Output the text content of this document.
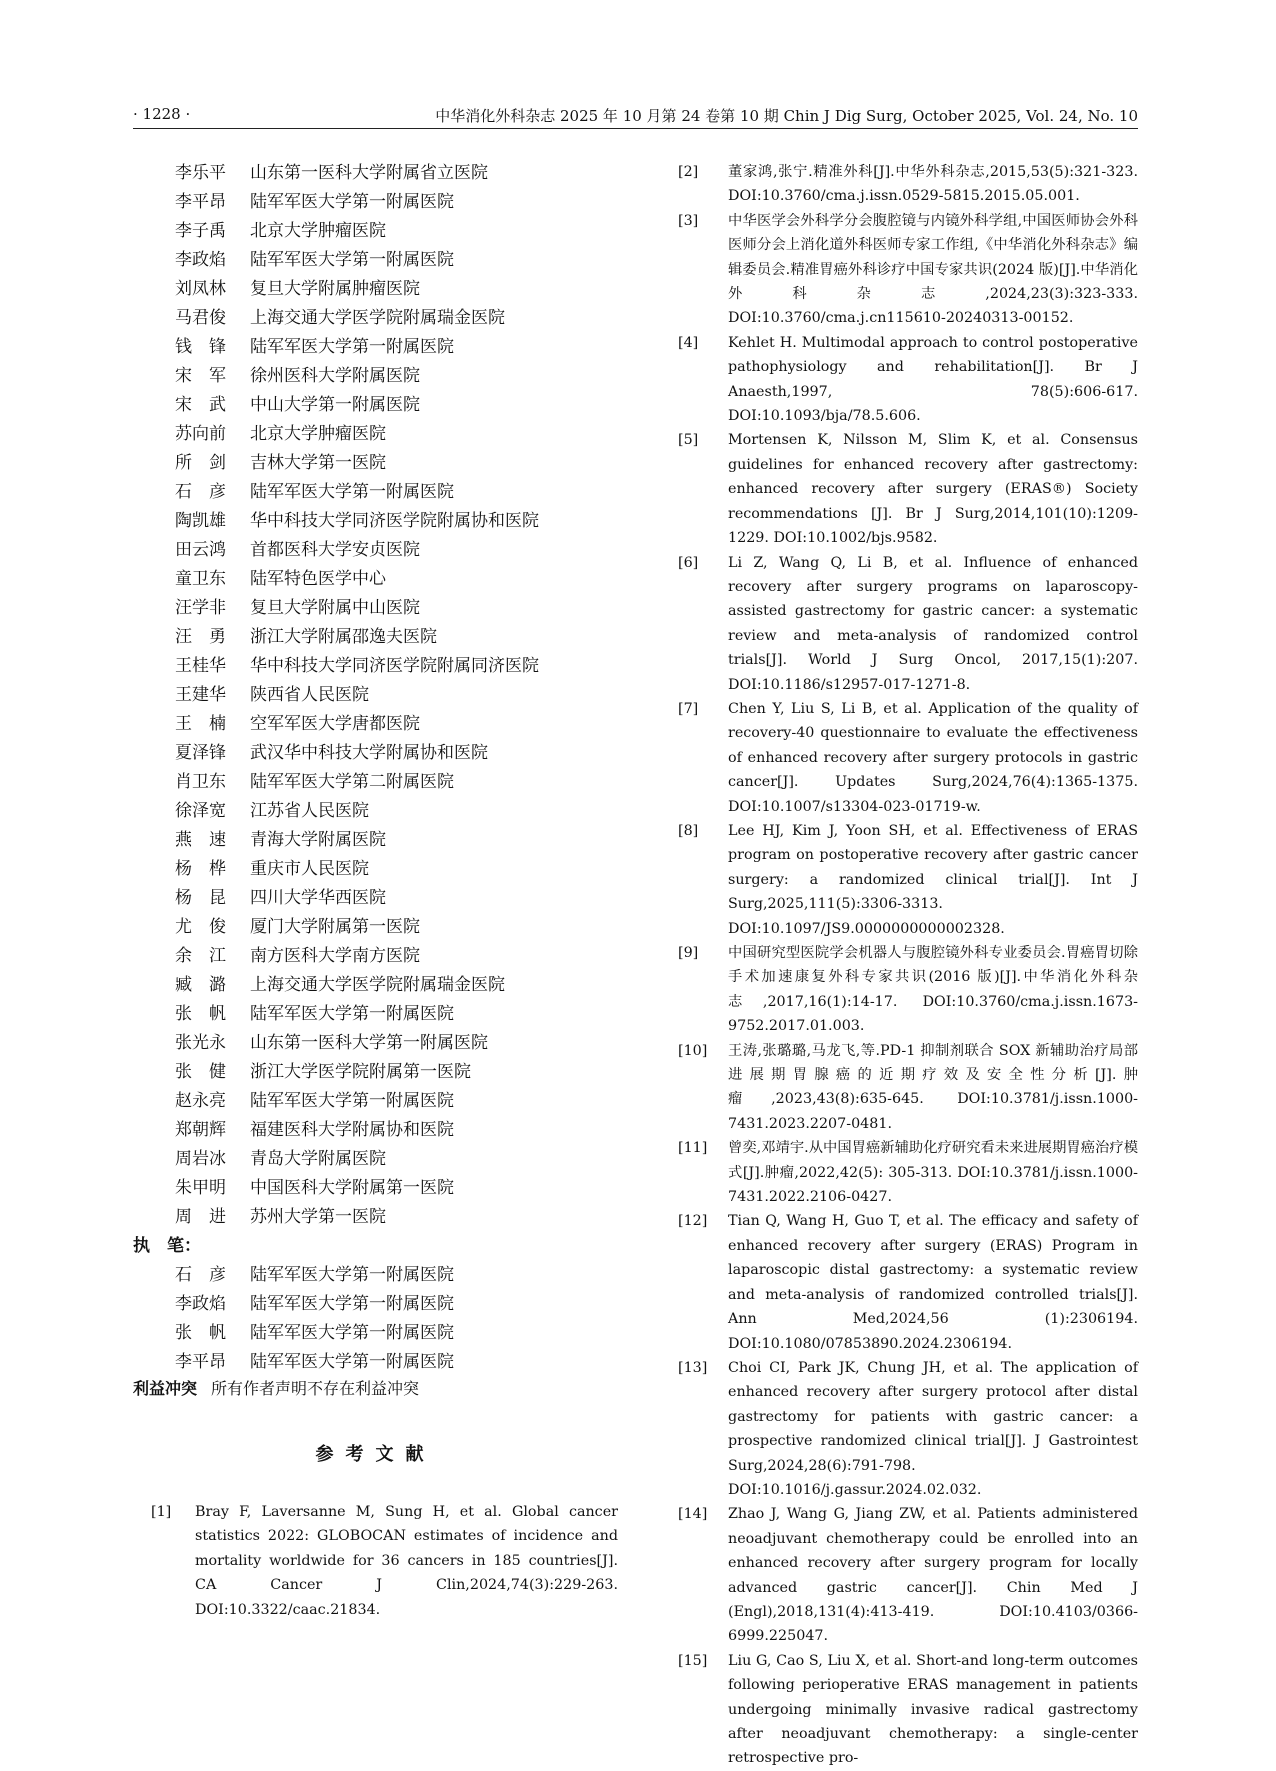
· 1228 ·	中华消化外科杂志 2025 年 10 月第 24 卷第 10 期 Chin J Dig Surg, October 2025, Vol. 24, No. 10
李乐平	山东第一医科大学附属省立医院
李平昂	陆军军医大学第一附属医院
李子禹	北京大学肿瘤医院
李政焰	陆军军医大学第一附属医院
刘凤林	复旦大学附属肿瘤医院
马君俊	上海交通大学医学院附属瑞金医院
钱　锋	陆军军医大学第一附属医院
宋　军	徐州医科大学附属医院
宋　武	中山大学第一附属医院
苏向前	北京大学肿瘤医院
所　剑	吉林大学第一医院
石　彦	陆军军医大学第一附属医院
陶凯雄	华中科技大学同济医学院附属协和医院
田云鸿	首都医科大学安贞医院
童卫东	陆军特色医学中心
汪学非	复旦大学附属中山医院
汪　勇	浙江大学附属邵逸夫医院
王桂华	华中科技大学同济医学院附属同济医院
王建华	陕西省人民医院
王　楠	空军军医大学唐都医院
夏泽锋	武汉华中科技大学附属协和医院
肖卫东	陆军军医大学第二附属医院
徐泽宽	江苏省人民医院
燕　速	青海大学附属医院
杨　桦	重庆市人民医院
杨　昆	四川大学华西医院
尤　俊	厦门大学附属第一医院
余　江	南方医科大学南方医院
臧　潞	上海交通大学医学院附属瑞金医院
张　帆	陆军军医大学第一附属医院
张光永	山东第一医科大学第一附属医院
张　健	浙江大学医学院附属第一医院
赵永亮	陆军军医大学第一附属医院
郑朝辉	福建医科大学附属协和医院
周岩冰	青岛大学附属医院
朱甲明	中国医科大学附属第一医院
周　进	苏州大学第一医院
执　笔：
石　彦	陆军军医大学第一附属医院
李政焰	陆军军医大学第一附属医院
张　帆	陆军军医大学第一附属医院
李平昂	陆军军医大学第一附属医院
利益冲突 所有作者声明不存在利益冲突
参考文献
[1] Bray F, Laversanne M, Sung H, et al. Global cancer statistics 2022: GLOBOCAN estimates of incidence and mortality worldwide for 36 cancers in 185 countries[J]. CA Cancer J Clin,2024,74(3):229-263. DOI:10.3322/caac.21834.
[2] 董家鸿,张宁.精准外科[J].中华外科杂志,2015,53(5):321-323. DOI:10.3760/cma.j.issn.0529-5815.2015.05.001.
[3] 中华医学会外科学分会腹腔镜与内镜外科学组,中国医师协会外科医师分会上消化道外科医师专家工作组,《中华消化外科杂志》编辑委员会.精准胃癌外科诊疗中国专家共识(2024 版)[J].中华消化外科杂志,2024,23(3):323-333. DOI:10.3760/cma.j.cn115610-20240313-00152.
[4] Kehlet H. Multimodal approach to control postoperative pathophysiology and rehabilitation[J]. Br J Anaesth,1997, 78(5):606-617. DOI:10.1093/bja/78.5.606.
[5] Mortensen K, Nilsson M, Slim K, et al. Consensus guidelines for enhanced recovery after gastrectomy: enhanced recovery after surgery (ERAS®) Society recommendations [J]. Br J Surg,2014,101(10):1209-1229. DOI:10.1002/bjs.9582.
[6] Li Z, Wang Q, Li B, et al. Influence of enhanced recovery after surgery programs on laparoscopy-assisted gastrectomy for gastric cancer: a systematic review and meta-analysis of randomized control trials[J]. World J Surg Oncol, 2017,15(1):207. DOI:10.1186/s12957-017-1271-8.
[7] Chen Y, Liu S, Li B, et al. Application of the quality of recovery-40 questionnaire to evaluate the effectiveness of enhanced recovery after surgery protocols in gastric cancer[J]. Updates Surg,2024,76(4):1365-1375. DOI:10.1007/s13304-023-01719-w.
[8] Lee HJ, Kim J, Yoon SH, et al. Effectiveness of ERAS program on postoperative recovery after gastric cancer surgery: a randomized clinical trial[J]. Int J Surg,2025,111(5):3306-3313. DOI:10.1097/JS9.0000000000002328.
[9] 中国研究型医院学会机器人与腹腔镜外科专业委员会.胃癌胃切除手术加速康复外科专家共识(2016 版)[J].中华消化外科杂志,2017,16(1):14-17. DOI:10.3760/cma.j.issn.1673-9752.2017.01.003.
[10] 王涛,张璐璐,马龙飞,等.PD-1 抑制剂联合 SOX 新辅助治疗局部进展期胃腺癌的近期疗效及安全性分析[J].肿瘤,2023,43(8):635-645. DOI:10.3781/j.issn.1000-7431.2023.2207-0481.
[11] 曾奕,邓靖宇.从中国胃癌新辅助化疗研究看未来进展期胃癌治疗模式[J].肿瘤,2022,42(5): 305-313. DOI:10.3781/j.issn.1000-7431.2022.2106-0427.
[12] Tian Q, Wang H, Guo T, et al. The efficacy and safety of enhanced recovery after surgery (ERAS) Program in laparoscopic distal gastrectomy: a systematic review and meta-analysis of randomized controlled trials[J]. Ann Med,2024,56 (1):2306194. DOI:10.1080/07853890.2024.2306194.
[13] Choi CI, Park JK, Chung JH, et al. The application of enhanced recovery after surgery protocol after distal gastrectomy for patients with gastric cancer: a prospective randomized clinical trial[J]. J Gastrointest Surg,2024,28(6):791-798. DOI:10.1016/j.gassur.2024.02.032.
[14] Zhao J, Wang G, Jiang ZW, et al. Patients administered neoadjuvant chemotherapy could be enrolled into an enhanced recovery after surgery program for locally advanced gastric cancer[J]. Chin Med J (Engl),2018,131(4):413-419. DOI:10.4103/0366-6999.225047.
[15] Liu G, Cao S, Liu X, et al. Short-and long-term outcomes following perioperative ERAS management in patients undergoing minimally invasive radical gastrectomy after neoadjuvant chemotherapy: a single-center retrospective pro-
